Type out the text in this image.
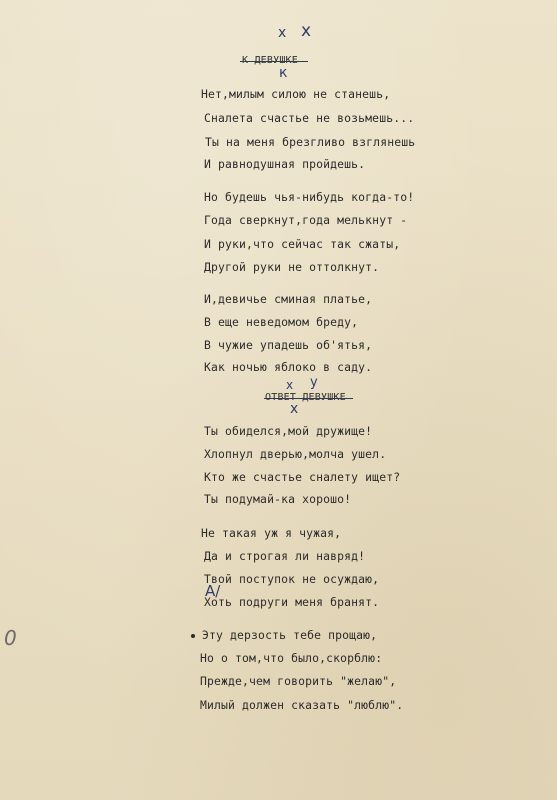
х х
к
Нет,милым силою не станешь,
Сналета счастье не возьмешь...
Ты на меня брезгливо взглянешь
И равнодушная пройдешь.
Но будешь чья-нибудь когда-то!
Года сверкнут,года мелькнут -
И руки,что сейчас так сжаты,
Другой руки не оттолкнут.
И,девичье сминая платье,
В еще неведомом бреду,
В чужие упадешь об'ятья,
Как ночью яблоко в саду.
х у
х
Ты обиделся,мой дружище!
Хлопнул дверью,молча ушел.
Кто же счастье сналету ищет?
Ты подумай-ка хорошо!
Не такая уж я чужая,
Да и строгая ли навряд!
Твой поступок не осуждаю,
А/
Хоть подруги меня бранят.
Эту дерзость тебе прощаю,
Но о том,что было,скорблю:
Прежде,чем говорить "желаю",
Милый должен сказать "люблю".
0
